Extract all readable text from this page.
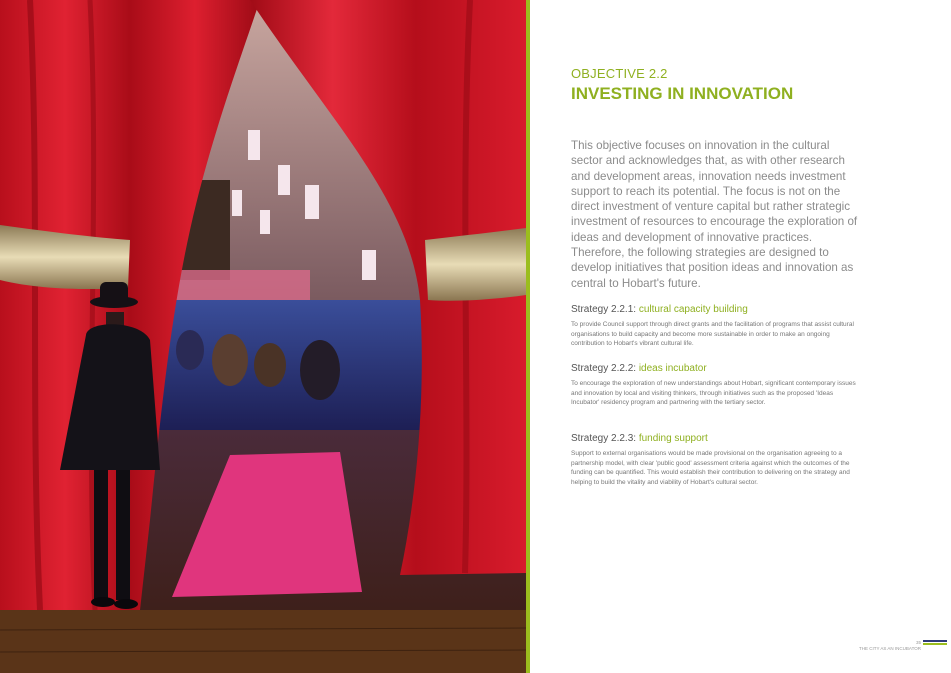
OBJECTIVE 2.2
INVESTING IN INNOVATION
This objective focuses on innovation in the cultural sector and acknowledges that, as with other research and development areas, innovation needs investment support to reach its potential. The focus is not on the direct investment of venture capital but rather strategic investment of resources to encourage the exploration of ideas and development of innovative practices. Therefore, the following strategies are designed to develop initiatives that position ideas and innovation as central to Hobart's future.
Strategy 2.2.1: cultural capacity building

To provide Council support through direct grants and the facilitation of programs that assist cultural organisations to build capacity and become more sustainable in order to make an ongoing contribution to Hobart's vibrant cultural life.

Strategy 2.2.2: ideas incubator

To encourage the exploration of new understandings about Hobart, significant contemporary issues and innovation by local and visiting thinkers, through initiatives such as the proposed 'Ideas Incubator' residency program and partnering with the tertiary sector.

Strategy 2.2.3: funding support

Support to external organisations would be made provisional on the organisation agreeing to a partnership model, with clear 'public good' assessment criteria against which the outcomes of the funding can be quantified. This would establish their contribution to delivering on the strategy and helping to build the vitality and viability of Hobart's cultural sector.

35
THE CITY AS AN INCUBATOR
